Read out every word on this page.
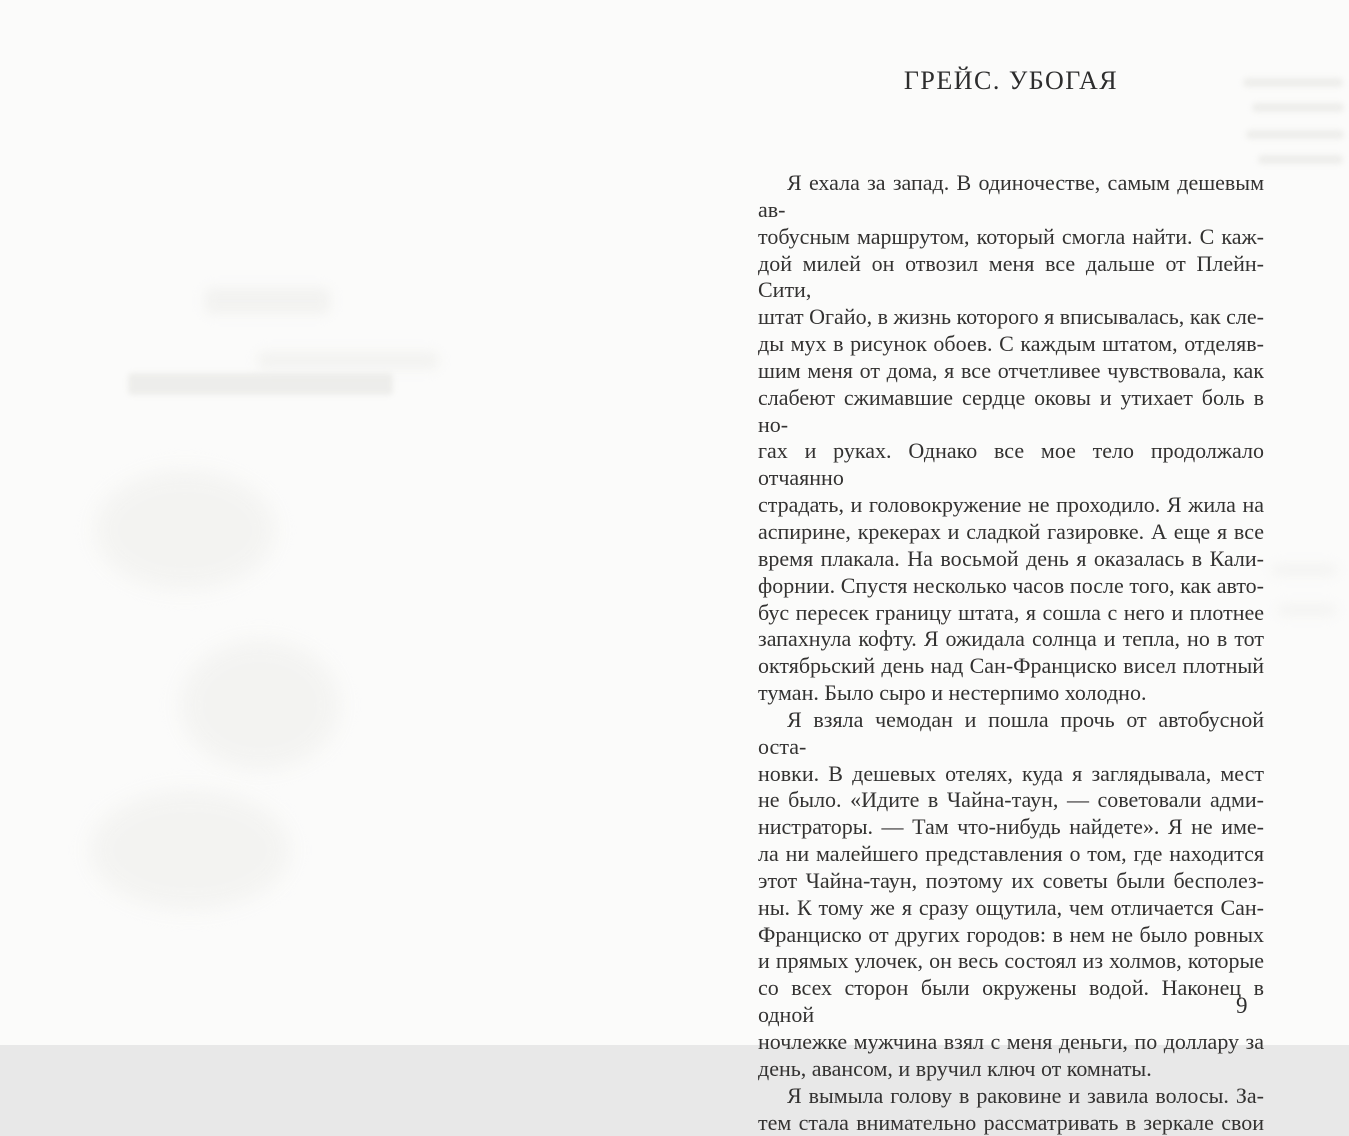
ГРЕЙС. УБОГАЯ
Я ехала за запад. В одиночестве, самым дешевым ав-
тобусным маршрутом, который смогла найти. С каж-
дой милей он отвозил меня все дальше от Плейн-Сити,
штат Огайо, в жизнь которого я вписывалась, как сле-
ды мух в рисунок обоев. С каждым штатом, отделяв-
шим меня от дома, я все отчетливее чувствовала, как
слабеют сжимавшие сердце оковы и утихает боль в но-
гах и руках. Однако все мое тело продолжало отчаянно
страдать, и головокружение не проходило. Я жила на
аспирине, крекерах и сладкой газировке. А еще я все
время плакала. На восьмой день я оказалась в Кали-
форнии. Спустя несколько часов после того, как авто-
бус пересек границу штата, я сошла с него и плотнее
запахнула кофту. Я ожидала солнца и тепла, но в тот
октябрьский день над Сан-Франциско висел плотный
туман. Было сыро и нестерпимо холодно.
Я взяла чемодан и пошла прочь от автобусной оста-
новки. В дешевых отелях, куда я заглядывала, мест
не было. «Идите в Чайна-таун, — советовали адми-
нистраторы. — Там что-нибудь найдете». Я не име-
ла ни малейшего представления о том, где находится
этот Чайна-таун, поэтому их советы были бесполез-
ны. К тому же я сразу ощутила, чем отличается Сан-
Франциско от других городов: в нем не было ровных
и прямых улочек, он весь состоял из холмов, которые
со всех сторон были окружены водой. Наконец в одной
ночлежке мужчина взял с меня деньги, по доллару за
день, авансом, и вручил ключ от комнаты.
Я вымыла голову в раковине и завила волосы. За-
тем стала внимательно рассматривать в зеркале свои
9
